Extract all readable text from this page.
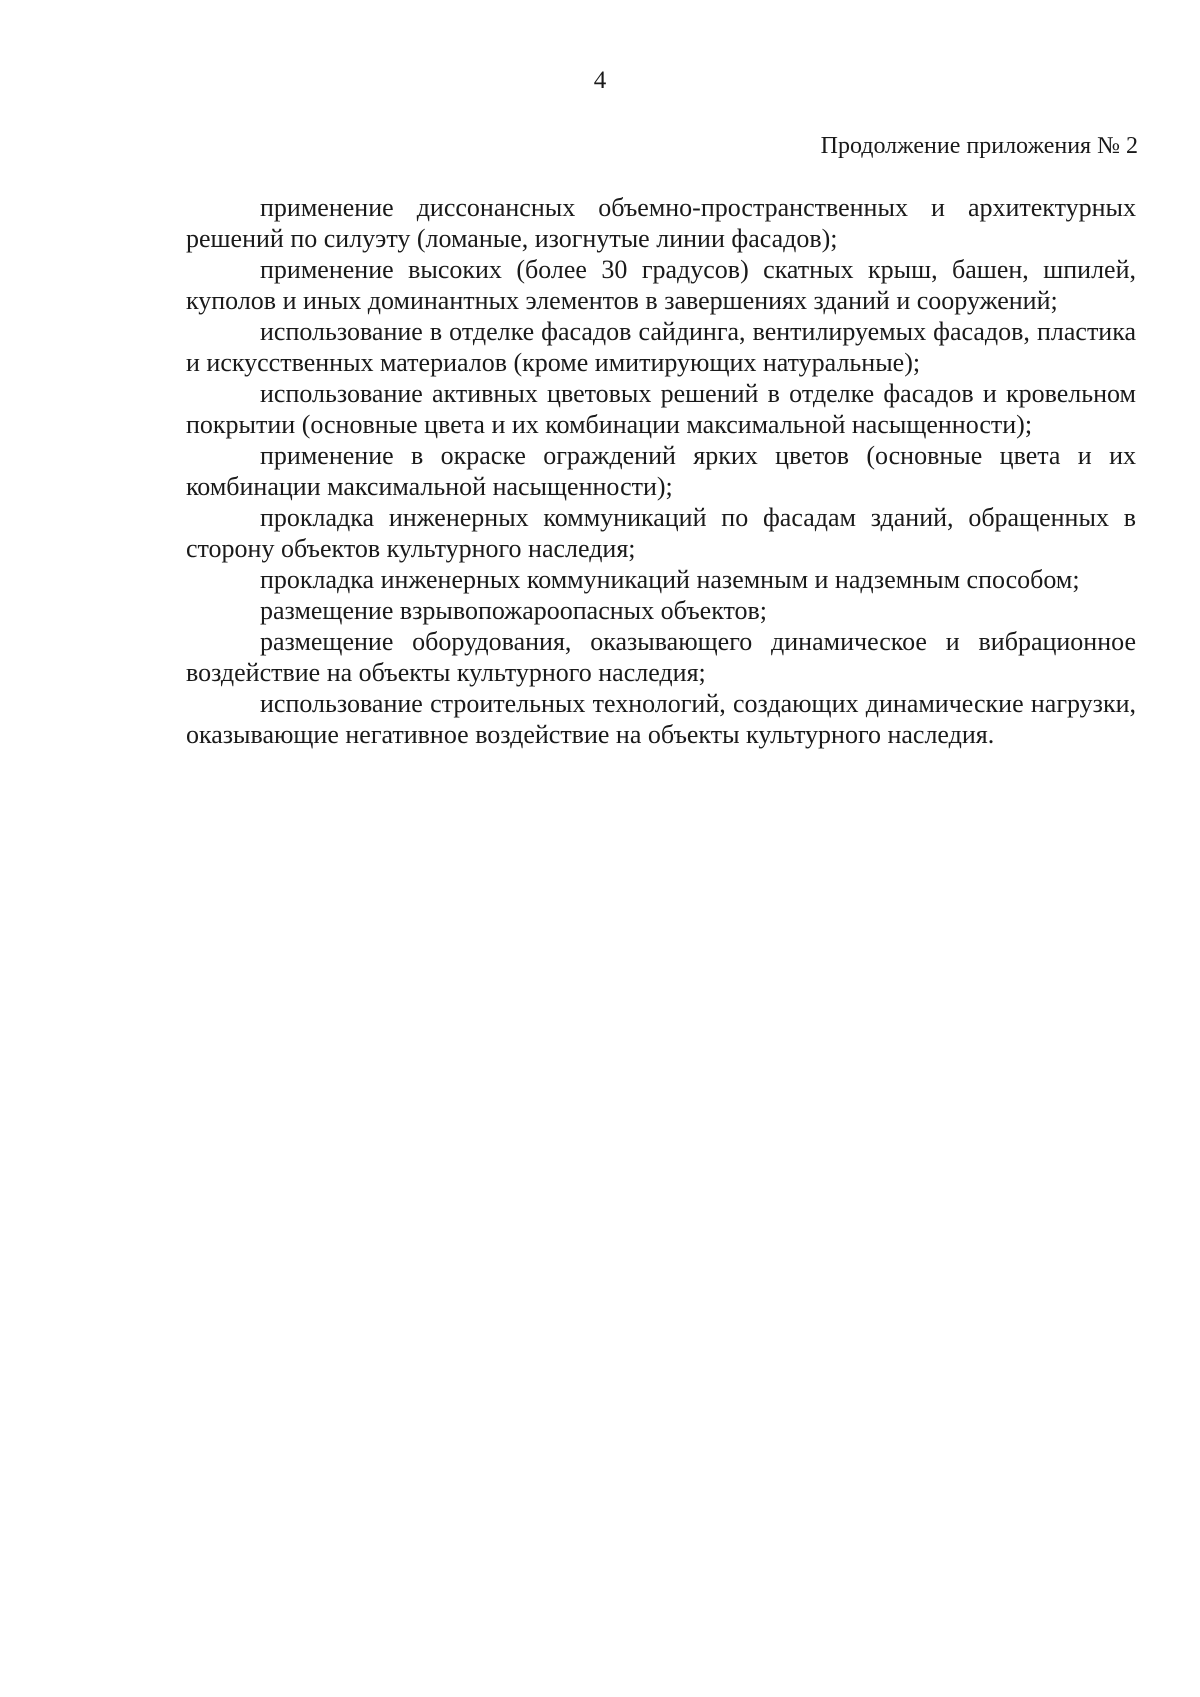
4
Продолжение приложения № 2

применение диссонансных объемно-пространственных и архитектурных решений по силуэту (ломаные, изогнутые линии фасадов);

применение высоких (более 30 градусов) скатных крыш, башен, шпилей, куполов и иных доминантных элементов в завершениях зданий и сооружений;

использование в отделке фасадов сайдинга, вентилируемых фасадов, пластика и искусственных материалов (кроме имитирующих натуральные);

использование активных цветовых решений в отделке фасадов и кровельном покрытии (основные цвета и их комбинации максимальной насыщенности);

применение в окраске ограждений ярких цветов (основные цвета и их комбинации максимальной насыщенности);

прокладка инженерных коммуникаций по фасадам зданий, обращенных в сторону объектов культурного наследия;

прокладка инженерных коммуникаций наземным и надземным способом;

размещение взрывопожароопасных объектов;

размещение оборудования, оказывающего динамическое и вибрационное воздействие на объекты культурного наследия;

использование строительных технологий, создающих динамические нагрузки, оказывающие негативное воздействие на объекты культурного наследия.
